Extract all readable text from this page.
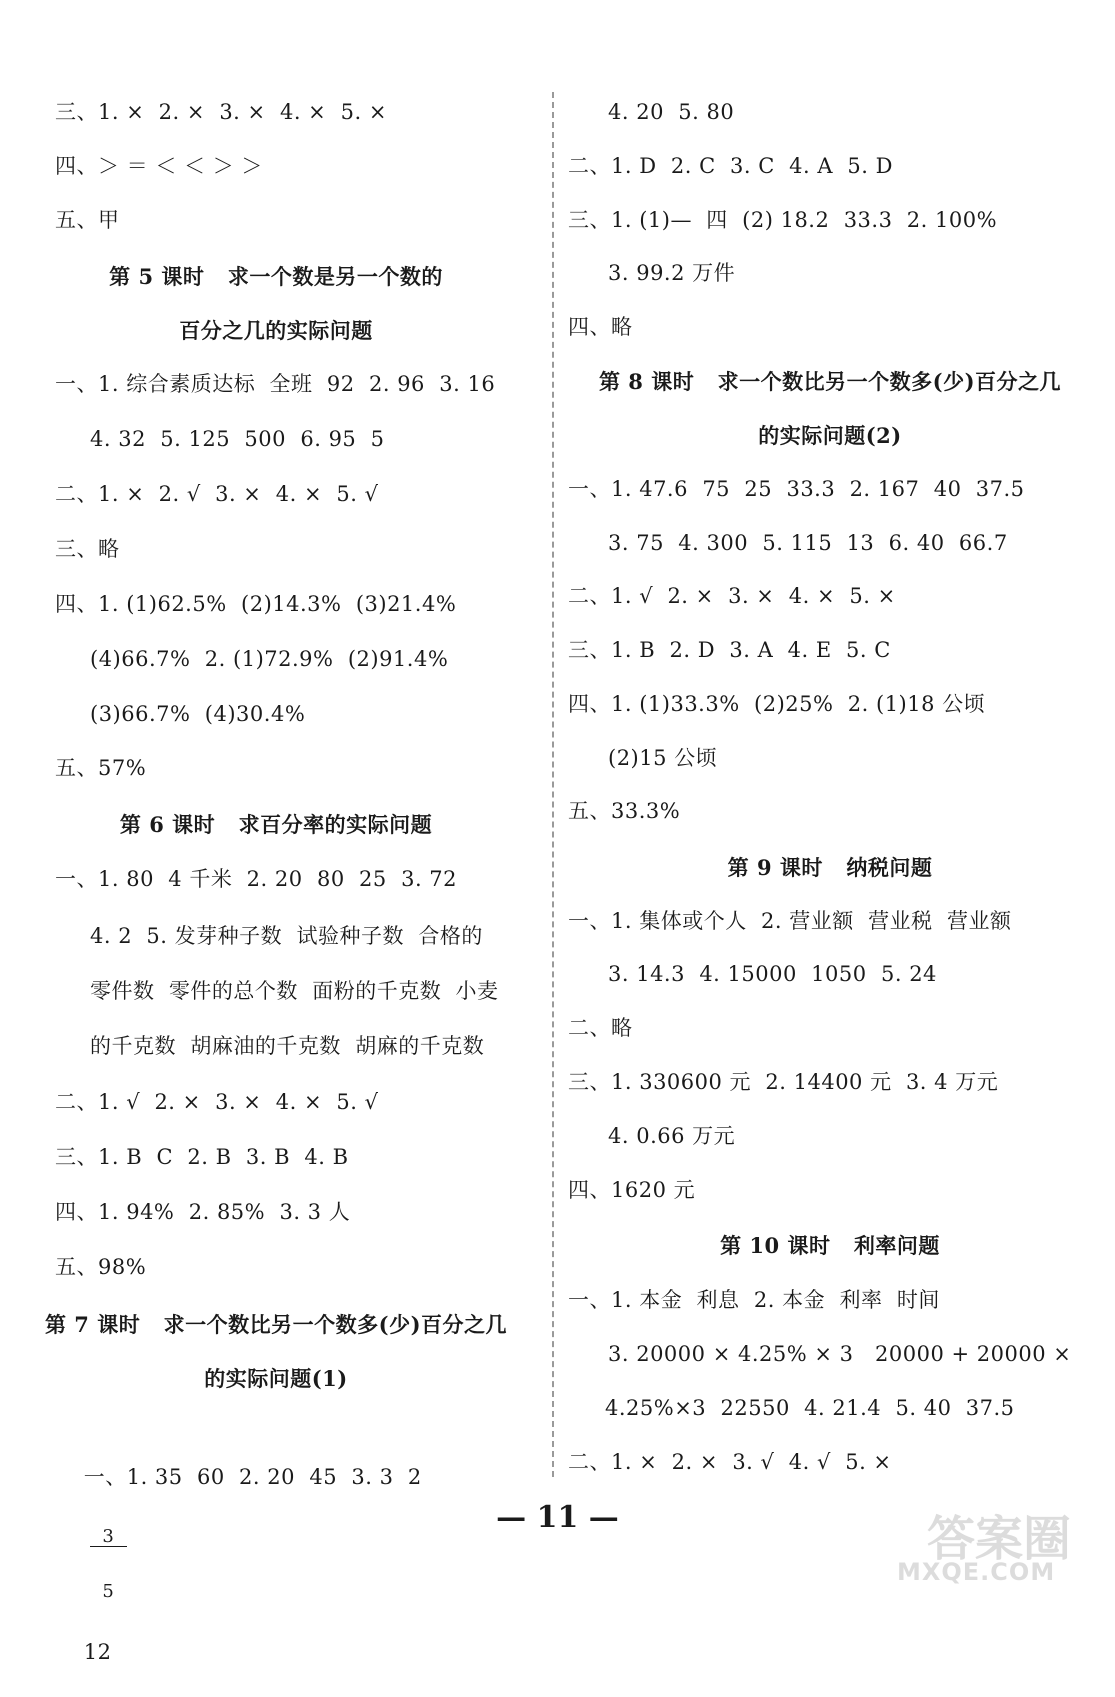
三、1. ×  2. ×  3. ×  4. ×  5. ×
四、＞ ＝ ＜ ＜ ＞ ＞
五、甲
第 5 课时   求一个数是另一个数的
百分之几的实际问题
一、1. 综合素质达标  全班  92  2. 96  3. 16
4. 32  5. 125  500  6. 95  5
二、1. ×  2. √  3. ×  4. ×  5. √
三、略
四、1. (1)62.5%  (2)14.3%  (3)21.4%
(4)66.7%  2. (1)72.9%  (2)91.4%
(3)66.7%  (4)30.4%
五、57%
第 6 课时   求百分率的实际问题
一、1. 80  4 千米  2. 20  80  25  3. 72
4. 2  5. 发芽种子数  试验种子数  合格的
零件数  零件的总个数  面粉的千克数  小麦
的千克数  胡麻油的千克数  胡麻的千克数
二、1. √  2. ×  3. ×  4. ×  5. √
三、1. B  C  2. B  3. B  4. B
四、1. 94%  2. 85%  3. 3 人
五、98%
第 7 课时   求一个数比另一个数多(少)百分之几
的实际问题(1)

一、1. 35  60  2. 20  45  3. 3  2

$\frac{3}{5}$

12

4. 20  5. 80
二、1. D  2. C  3. C  4. A  5. D
三、1. (1)—  四  (2) 18.2  33.3  2. 100%
3. 99.2 万件
四、略
第 8 课时   求一个数比另一个数多(少)百分之几
的实际问题(2)
一、1. 47.6  75  25  33.3  2. 167  40  37.5
3. 75  4. 300  5. 115  13  6. 40  66.7
二、1. √  2. ×  3. ×  4. ×  5. ×
三、1. B  2. D  3. A  4. E  5. C
四、1. (1)33.3%  (2)25%  2. (1)18 公顷
(2)15 公顷
五、33.3%
第 9 课时   纳税问题
一、1. 集体或个人  2. 营业额  营业税  营业额
3. 14.3  4. 15000  1050  5. 24
二、略
三、1. 330600 元  2. 14400 元  3. 4 万元
4. 0.66 万元
四、1620 元
第 10 课时   利率问题
一、1. 本金  利息  2. 本金  利率  时间
3. 20000 × 4.25% × 3   20000 + 20000 ×
4.25%×3  22550  4. 21.4  5. 40  37.5
二、1. ×  2. ×  3. √  4. √  5. ×
— 11 —	答案圈
MXQE.COM
